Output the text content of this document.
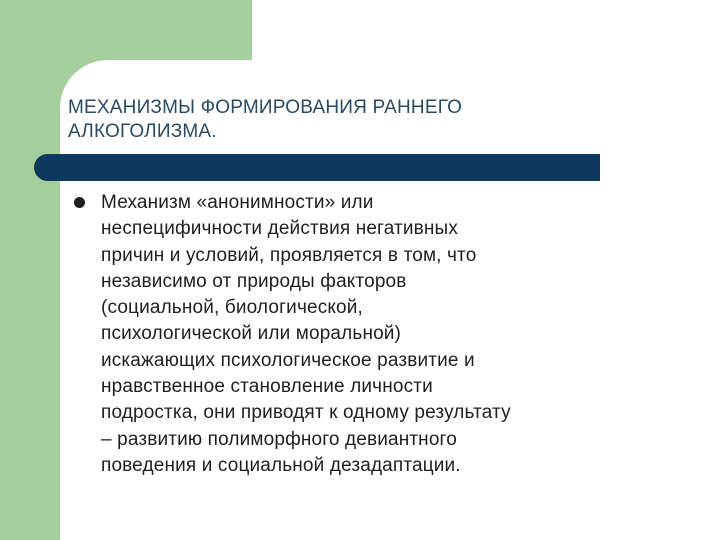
МЕХАНИЗМЫ ФОРМИРОВАНИЯ РАННЕГО
АЛКОГОЛИЗМА.

Механизм «анонимности» или
неспецифичности действия негативных
причин и условий, проявляется в том, что
независимо от природы факторов
(социальной, биологической,
психологической или моральной)
искажающих психологическое развитие и
нравственное становление личности
подростка, они приводят к одному результату
– развитию полиморфного девиантного
поведения и социальной дезадаптации.
